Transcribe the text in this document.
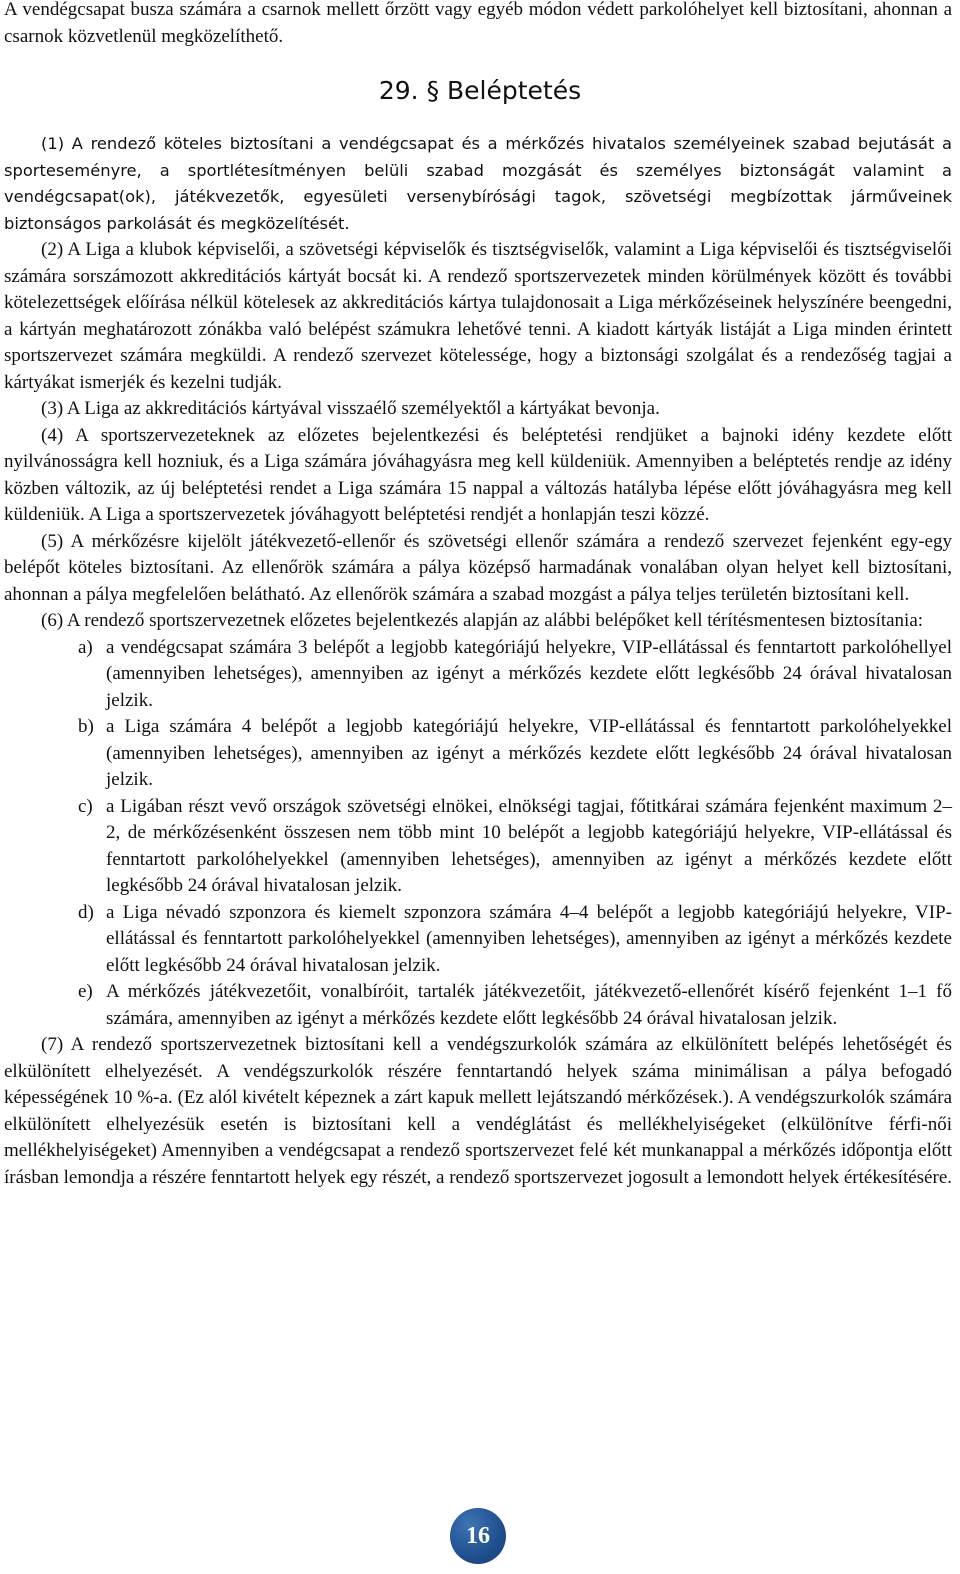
A vendégcsapat busza számára a csarnok mellett őrzött vagy egyéb módon védett parkolóhelyet kell biztosítani, ahonnan a csarnok közvetlenül megközelíthető.

29. § Beléptetés

(1) A rendező köteles biztosítani a vendégcsapat és a mérkőzés hivatalos személyeinek szabad bejutását a sporteseményre, a sportlétesítményen belüli szabad mozgását és személyes biztonságát valamint a vendégcsapat(ok), játékvezetők, egyesületi versenybírósági tagok, szövetségi megbízottak járműveinek biztonságos parkolását és megközelítését.

(2) A Liga a klubok képviselői, a szövetségi képviselők és tisztségviselők, valamint a Liga képviselői és tisztségviselői számára sorszámozott akkreditációs kártyát bocsát ki. A rendező sportszervezetek minden körülmények között és további kötelezettségek előírása nélkül kötelesek az akkreditációs kártya tulajdonosait a Liga mérkőzéseinek helyszínére beengedni, a kártyán meghatározott zónákba való belépést számukra lehetővé tenni. A kiadott kártyák listáját a Liga minden érintett sportszervezet számára megküldi. A rendező szervezet kötelessége, hogy a biztonsági szolgálat és a rendezőség tagjai a kártyákat ismerjék és kezelni tudják.

(3) A Liga az akkreditációs kártyával visszaélő személyektől a kártyákat bevonja.

(4) A sportszervezeteknek az előzetes bejelentkezési és beléptetési rendjüket a bajnoki idény kezdete előtt nyilvánosságra kell hozniuk, és a Liga számára jóváhagyásra meg kell küldeniük. Amennyiben a beléptetés rendje az idény közben változik, az új beléptetési rendet a Liga számára 15 nappal a változás hatályba lépése előtt jóváhagyásra meg kell küldeniük. A Liga a sportszervezetek jóváhagyott beléptetési rendjét a honlapján teszi közzé.

(5) A mérkőzésre kijelölt játékvezető-ellenőr és szövetségi ellenőr számára a rendező szervezet fejenként egy-egy belépőt köteles biztosítani. Az ellenőrök számára a pálya középső harmadának vonalában olyan helyet kell biztosítani, ahonnan a pálya megfelelően belátható. Az ellenőrök számára a szabad mozgást a pálya teljes területén biztosítani kell.

(6) A rendező sportszervezetnek előzetes bejelentkezés alapján az alábbi belépőket kell térítésmentesen biztosítania:

a) a vendégcsapat számára 3 belépőt a legjobb kategóriájú helyekre, VIP-ellátással és fenntartott parkolóhellyel (amennyiben lehetséges), amennyiben az igényt a mérkőzés kezdete előtt legkésőbb 24 órával hivatalosan jelzik.
b) a Liga számára 4 belépőt a legjobb kategóriájú helyekre, VIP-ellátással és fenntartott parkolóhelyekkel (amennyiben lehetséges), amennyiben az igényt a mérkőzés kezdete előtt legkésőbb 24 órával hivatalosan jelzik.
c) a Ligában részt vevő országok szövetségi elnökei, elnökségi tagjai, főtitkárai számára fejenként maximum 2‒2, de mérkőzésenként összesen nem több mint 10 belépőt a legjobb kategóriájú helyekre, VIP-ellátással és fenntartott parkolóhelyekkel (amennyiben lehetséges), amennyiben az igényt a mérkőzés kezdete előtt legkésőbb 24 órával hivatalosan jelzik.
d) a Liga névadó szponzora és kiemelt szponzora számára 4‒4 belépőt a legjobb kategóriájú helyekre, VIP-ellátással és fenntartott parkolóhelyekkel (amennyiben lehetséges), amennyiben az igényt a mérkőzés kezdete előtt legkésőbb 24 órával hivatalosan jelzik.
e) A mérkőzés játékvezetőit, vonalbíróit, tartalék játékvezetőit, játékvezető-ellenőrét kísérő fejenként 1‒1 fő számára, amennyiben az igényt a mérkőzés kezdete előtt legkésőbb 24 órával hivatalosan jelzik.

(7) A rendező sportszervezetnek biztosítani kell a vendégszurkolók számára az elkülönített belépés lehetőségét és elkülönített elhelyezését. A vendégszurkolók részére fenntartandó helyek száma minimálisan a pálya befogadó képességének 10 %-a. (Ez alól kivételt képeznek a zárt kapuk mellett lejátszandó mérkőzések.). A vendégszurkolók számára elkülönített elhelyezésük esetén is biztosítani kell a vendéglátást és mellékhelyiségeket (elkülönítve férfi-női mellékhelyiségeket) Amennyiben a vendégcsapat a rendező sportszervezet felé két munkanappal a mérkőzés időpontja előtt írásban lemondja a részére fenntartott helyek egy részét, a rendező sportszervezet jogosult a lemondott helyek értékesítésére.

16
